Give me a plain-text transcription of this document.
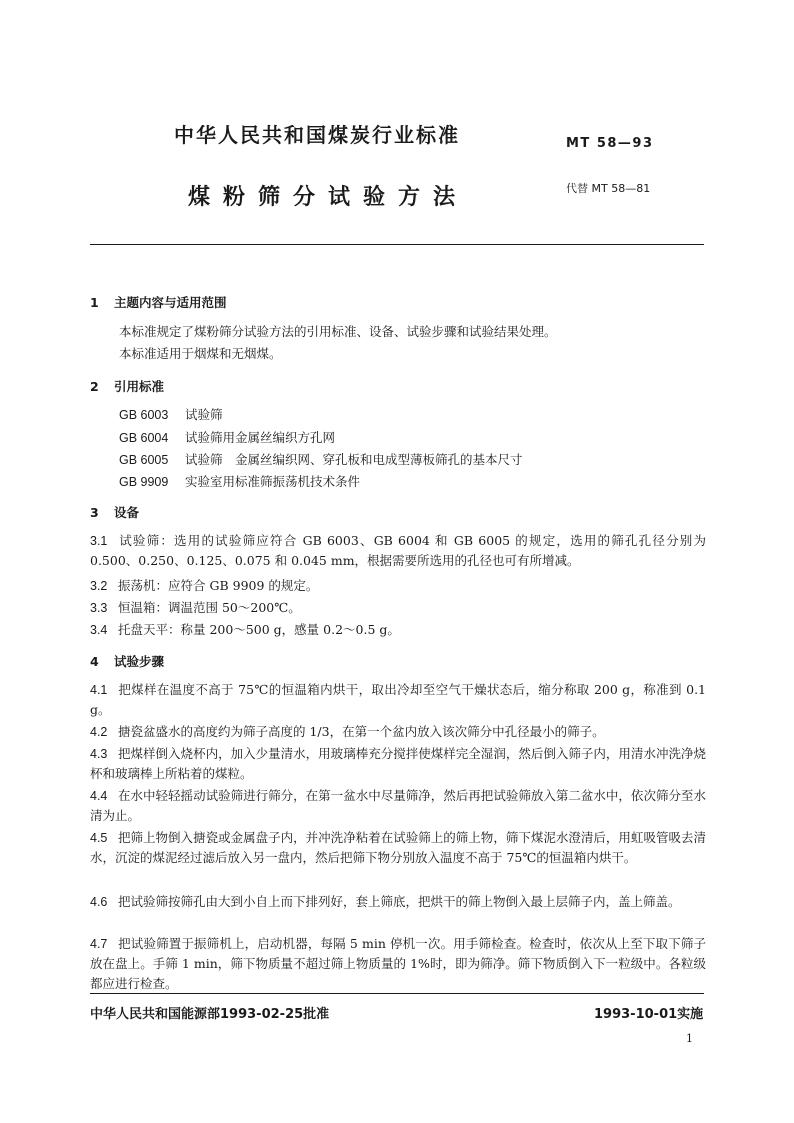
中华人民共和国煤炭行业标准	MT 58—93
煤粉筛分试验方法	代替 MT 58—81
1 主题内容与适用范围
本标准规定了煤粉筛分试验方法的引用标准、设备、试验步骤和试验结果处理。
本标准适用于烟煤和无烟煤。
2 引用标准
GB 6003 试验筛
GB 6004 试验筛用金属丝编织方孔网
GB 6005 试验筛　金属丝编织网、穿孔板和电成型薄板筛孔的基本尺寸
GB 9909 实验室用标准筛振荡机技术条件
3 设备
3.1 试验筛：选用的试验筛应符合 GB 6003、GB 6004 和 GB 6005 的规定，选用的筛孔孔径分别为 0.500、0.250、0.125、0.075 和 0.045 mm，根据需要所选用的孔径也可有所增减。
3.2 振荡机：应符合 GB 9909 的规定。
3.3 恒温箱：调温范围 50～200℃。
3.4 托盘天平：称量 200～500 g，感量 0.2～0.5 g。
4 试验步骤
4.1 把煤样在温度不高于 75℃的恒温箱内烘干，取出冷却至空气干燥状态后，缩分称取 200 g，称准到 0.1 g。
4.2 搪瓷盆盛水的高度约为筛子高度的 1/3，在第一个盆内放入该次筛分中孔径最小的筛子。
4.3 把煤样倒入烧杯内，加入少量清水，用玻璃棒充分搅拌使煤样完全湿润，然后倒入筛子内，用清水冲洗净烧杯和玻璃棒上所粘着的煤粒。
4.4 在水中轻轻摇动试验筛进行筛分，在第一盆水中尽量筛净，然后再把试验筛放入第二盆水中，依次筛分至水清为止。
4.5 把筛上物倒入搪瓷或金属盘子内，并冲洗净粘着在试验筛上的筛上物，筛下煤泥水澄清后，用虹吸管吸去清水，沉淀的煤泥经过滤后放入另一盘内，然后把筛下物分别放入温度不高于 75℃的恒温箱内烘干。
4.6 把试验筛按筛孔由大到小自上而下排列好，套上筛底，把烘干的筛上物倒入最上层筛子内，盖上筛盖。
4.7 把试验筛置于振筛机上，启动机器，每隔 5 min 停机一次。用手筛检查。检查时，依次从上至下取下筛子放在盘上。手筛 1 min，筛下物质量不超过筛上物质量的 1%时，即为筛净。筛下物质倒入下一粒级中。各粒级都应进行检查。
中华人民共和国能源部1993-02-25批准	1993-10-01实施
1
